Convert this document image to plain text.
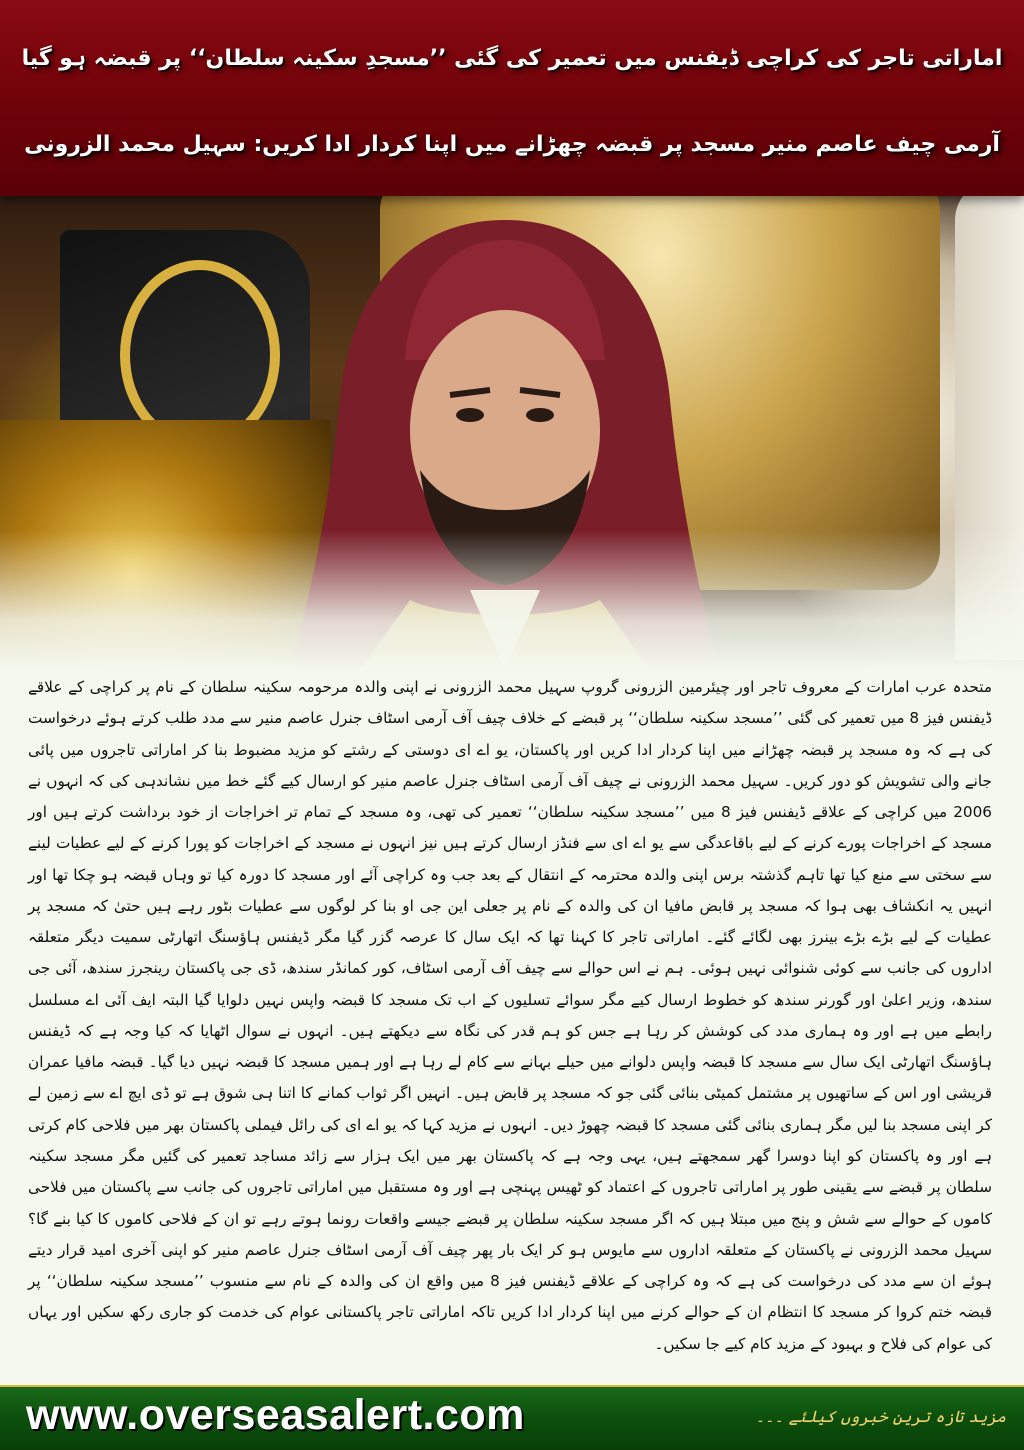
اماراتی تاجر کی کراچی ڈیفنس میں تعمیر کی گئی ’’مسجدِ سکینہ سلطان‘‘ پر قبضہ ہو گیا
آرمی چیف عاصم منیر مسجد پر قبضہ چھڑانے میں اپنا کردار ادا کریں: سہیل محمد الزرونی
متحدہ عرب امارات کے معروف تاجر اور چیئرمین الزرونی گروپ سہیل محمد الزرونی نے اپنی والدہ مرحومہ سکینہ سلطان کے نام پر کراچی کے علاقے ڈیفنس فیز 8 میں تعمیر کی گئی ’’مسجد سکینہ سلطان‘‘ پر قبضے کے خلاف چیف آف آرمی اسٹاف جنرل عاصم منیر سے مدد طلب کرتے ہوئے درخواست کی ہے کہ وہ مسجد پر قبضہ چھڑانے میں اپنا کردار ادا کریں اور پاکستان، یو اے ای دوستی کے رشتے کو مزید مضبوط بنا کر اماراتی تاجروں میں پائی جانے والی تشویش کو دور کریں۔ سہیل محمد الزرونی نے چیف آف آرمی اسٹاف جنرل عاصم منیر کو ارسال کیے گئے خط میں نشاندہی کی کہ انہوں نے 2006 میں کراچی کے علاقے ڈیفنس فیز 8 میں ’’مسجد سکینہ سلطان‘‘ تعمیر کی تھی، وہ مسجد کے تمام تر اخراجات از خود برداشت کرتے ہیں اور مسجد کے اخراجات پورے کرنے کے لیے باقاعدگی سے یو اے ای سے فنڈز ارسال کرتے ہیں نیز انہوں نے مسجد کے اخراجات کو پورا کرنے کے لیے عطیات لینے سے سختی سے منع کیا تھا تاہم گذشتہ برس اپنی والدہ محترمہ کے انتقال کے بعد جب وہ کراچی آئے اور مسجد کا دورہ کیا تو وہاں قبضہ ہو چکا تھا اور انہیں یہ انکشاف بھی ہوا کہ مسجد پر قابض مافیا ان کی والدہ کے نام پر جعلی این جی او بنا کر لوگوں سے عطیات بٹور رہے ہیں حتیٰ کہ مسجد پر عطیات کے لیے بڑے بڑے بینرز بھی لگائے گئے۔ اماراتی تاجر کا کہنا تھا کہ ایک سال کا عرصہ گزر گیا مگر ڈیفنس ہاؤسنگ اتھارٹی سمیت دیگر متعلقہ اداروں کی جانب سے کوئی شنوائی نہیں ہوئی۔ ہم نے اس حوالے سے چیف آف آرمی اسٹاف، کور کمانڈر سندھ، ڈی جی پاکستان رینجرز سندھ، آئی جی سندھ، وزیر اعلیٰ اور گورنر سندھ کو خطوط ارسال کیے مگر سوائے تسلیوں کے اب تک مسجد کا قبضہ واپس نہیں دلوایا گیا البتہ ایف آئی اے مسلسل رابطے میں ہے اور وہ ہماری مدد کی کوشش کر رہا ہے جس کو ہم قدر کی نگاہ سے دیکھتے ہیں۔ انہوں نے سوال اٹھایا کہ کیا وجہ ہے کہ ڈیفنس ہاؤسنگ اتھارٹی ایک سال سے مسجد کا قبضہ واپس دلوانے میں حیلے بہانے سے کام لے رہا ہے اور ہمیں مسجد کا قبضہ نہیں دیا گیا۔ قبضہ مافیا عمران قریشی اور اس کے ساتھیوں پر مشتمل کمیٹی بنائی گئی جو کہ مسجد پر قابض ہیں۔ انہیں اگر ثواب کمانے کا اتنا ہی شوق ہے تو ڈی ایچ اے سے زمین لے کر اپنی مسجد بنا لیں مگر ہماری بنائی گئی مسجد کا قبضہ چھوڑ دیں۔ انہوں نے مزید کہا کہ یو اے ای کی رائل فیملی پاکستان بھر میں فلاحی کام کرتی ہے اور وہ پاکستان کو اپنا دوسرا گھر سمجھتے ہیں، یہی وجہ ہے کہ پاکستان بھر میں ایک ہزار سے زائد مساجد تعمیر کی گئیں مگر مسجد سکینہ سلطان پر قبضے سے یقینی طور پر اماراتی تاجروں کے اعتماد کو ٹھیس پہنچی ہے اور وہ مستقبل میں اماراتی تاجروں کی جانب سے پاکستان میں فلاحی کاموں کے حوالے سے شش و پنج میں مبتلا ہیں کہ اگر مسجد سکینہ سلطان پر قبضے جیسے واقعات رونما ہوتے رہے تو ان کے فلاحی کاموں کا کیا بنے گا؟ سہیل محمد الزرونی نے پاکستان کے متعلقہ اداروں سے مایوس ہو کر ایک بار پھر چیف آف آرمی اسٹاف جنرل عاصم منیر کو اپنی آخری امید قرار دیتے ہوئے ان سے مدد کی درخواست کی ہے کہ وہ کراچی کے علاقے ڈیفنس فیز 8 میں واقع ان کی والدہ کے نام سے منسوب ’’مسجد سکینہ سلطان‘‘ پر قبضہ ختم کروا کر مسجد کا انتظام ان کے حوالے کرنے میں اپنا کردار ادا کریں تاکہ اماراتی تاجر پاکستانی عوام کی خدمت کو جاری رکھ سکیں اور یہاں کی عوام کی فلاح و بہبود کے مزید کام کیے جا سکیں۔
www.overseasalert.com	مزید تازہ ترین خبروں کیلئے ۔۔۔
